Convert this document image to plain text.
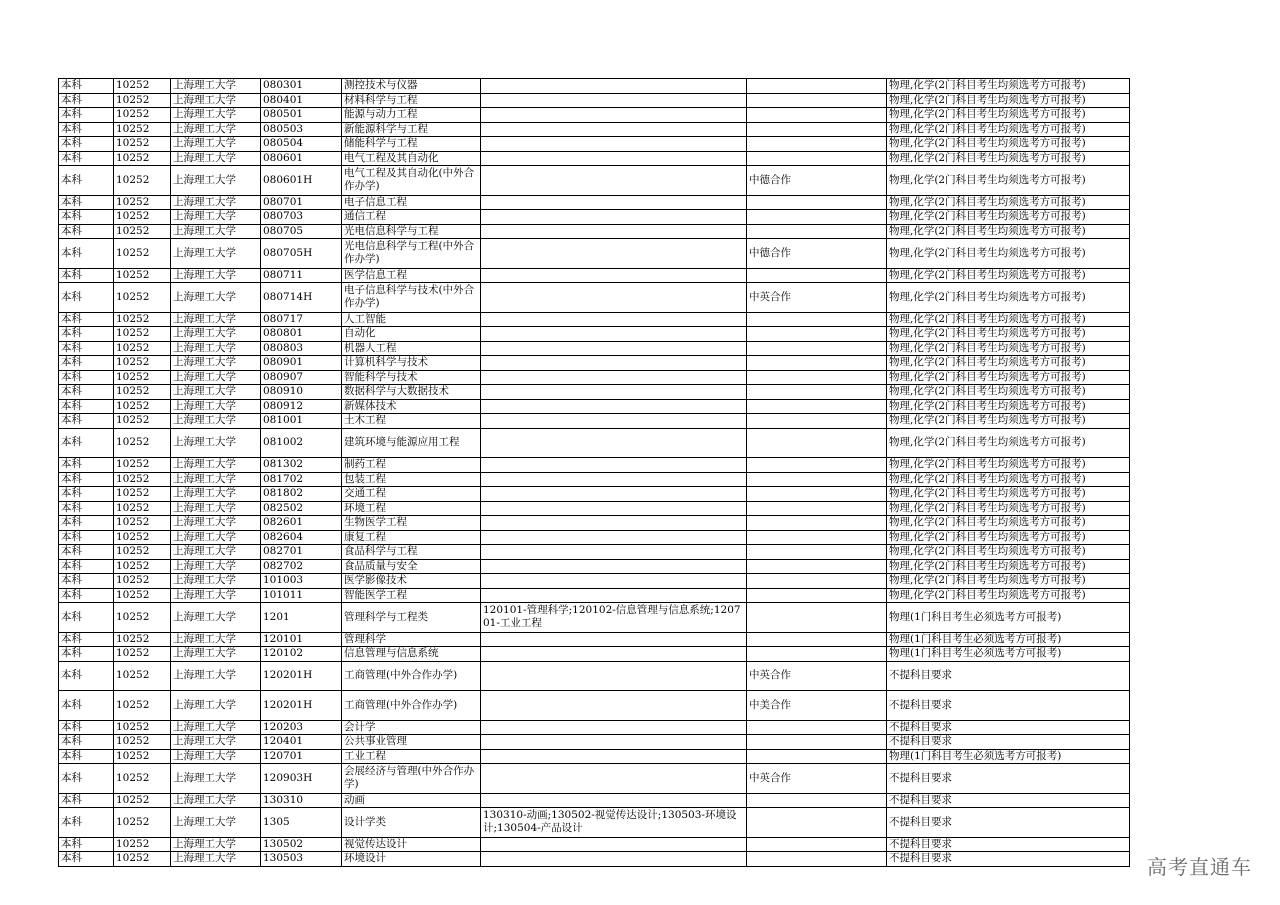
本科	10252	上海理工大学	080301	测控技术与仪器			物理,化学(2门科目考生均须选考方可报考)
本科	10252	上海理工大学	080401	材料科学与工程			物理,化学(2门科目考生均须选考方可报考)
本科	10252	上海理工大学	080501	能源与动力工程			物理,化学(2门科目考生均须选考方可报考)
本科	10252	上海理工大学	080503	新能源科学与工程			物理,化学(2门科目考生均须选考方可报考)
本科	10252	上海理工大学	080504	储能科学与工程			物理,化学(2门科目考生均须选考方可报考)
本科	10252	上海理工大学	080601	电气工程及其自动化			物理,化学(2门科目考生均须选考方可报考)
本科	10252	上海理工大学	080601H	电气工程及其自动化(中外合作办学)		中德合作	物理,化学(2门科目考生均须选考方可报考)
本科	10252	上海理工大学	080701	电子信息工程			物理,化学(2门科目考生均须选考方可报考)
本科	10252	上海理工大学	080703	通信工程			物理,化学(2门科目考生均须选考方可报考)
本科	10252	上海理工大学	080705	光电信息科学与工程			物理,化学(2门科目考生均须选考方可报考)
本科	10252	上海理工大学	080705H	光电信息科学与工程(中外合作办学)		中德合作	物理,化学(2门科目考生均须选考方可报考)
本科	10252	上海理工大学	080711	医学信息工程			物理,化学(2门科目考生均须选考方可报考)
本科	10252	上海理工大学	080714H	电子信息科学与技术(中外合作办学)		中英合作	物理,化学(2门科目考生均须选考方可报考)
本科	10252	上海理工大学	080717	人工智能			物理,化学(2门科目考生均须选考方可报考)
本科	10252	上海理工大学	080801	自动化			物理,化学(2门科目考生均须选考方可报考)
本科	10252	上海理工大学	080803	机器人工程			物理,化学(2门科目考生均须选考方可报考)
本科	10252	上海理工大学	080901	计算机科学与技术			物理,化学(2门科目考生均须选考方可报考)
本科	10252	上海理工大学	080907	智能科学与技术			物理,化学(2门科目考生均须选考方可报考)
本科	10252	上海理工大学	080910	数据科学与大数据技术			物理,化学(2门科目考生均须选考方可报考)
本科	10252	上海理工大学	080912	新媒体技术			物理,化学(2门科目考生均须选考方可报考)
本科	10252	上海理工大学	081001	土木工程			物理,化学(2门科目考生均须选考方可报考)
本科	10252	上海理工大学	081002	建筑环境与能源应用工程			物理,化学(2门科目考生均须选考方可报考)
本科	10252	上海理工大学	081302	制药工程			物理,化学(2门科目考生均须选考方可报考)
本科	10252	上海理工大学	081702	包装工程			物理,化学(2门科目考生均须选考方可报考)
本科	10252	上海理工大学	081802	交通工程			物理,化学(2门科目考生均须选考方可报考)
本科	10252	上海理工大学	082502	环境工程			物理,化学(2门科目考生均须选考方可报考)
本科	10252	上海理工大学	082601	生物医学工程			物理,化学(2门科目考生均须选考方可报考)
本科	10252	上海理工大学	082604	康复工程			物理,化学(2门科目考生均须选考方可报考)
本科	10252	上海理工大学	082701	食品科学与工程			物理,化学(2门科目考生均须选考方可报考)
本科	10252	上海理工大学	082702	食品质量与安全			物理,化学(2门科目考生均须选考方可报考)
本科	10252	上海理工大学	101003	医学影像技术			物理,化学(2门科目考生均须选考方可报考)
本科	10252	上海理工大学	101011	智能医学工程			物理,化学(2门科目考生均须选考方可报考)
本科	10252	上海理工大学	1201	管理科学与工程类	120101-管理科学;120102-信息管理与信息系统;120701-工业工程		物理(1门科目考生必须选考方可报考)
本科	10252	上海理工大学	120101	管理科学			物理(1门科目考生必须选考方可报考)
本科	10252	上海理工大学	120102	信息管理与信息系统			物理(1门科目考生必须选考方可报考)
本科	10252	上海理工大学	120201H	工商管理(中外合作办学)		中英合作	不提科目要求
本科	10252	上海理工大学	120201H	工商管理(中外合作办学)		中美合作	不提科目要求
本科	10252	上海理工大学	120203	会计学			不提科目要求
本科	10252	上海理工大学	120401	公共事业管理			不提科目要求
本科	10252	上海理工大学	120701	工业工程			物理(1门科目考生必须选考方可报考)
本科	10252	上海理工大学	120903H	会展经济与管理(中外合作办学)		中英合作	不提科目要求
本科	10252	上海理工大学	130310	动画			不提科目要求
本科	10252	上海理工大学	1305	设计学类	130310-动画;130502-视觉传达设计;130503-环境设计;130504-产品设计		不提科目要求
本科	10252	上海理工大学	130502	视觉传达设计			不提科目要求
本科	10252	上海理工大学	130503	环境设计			不提科目要求	高考直通车
